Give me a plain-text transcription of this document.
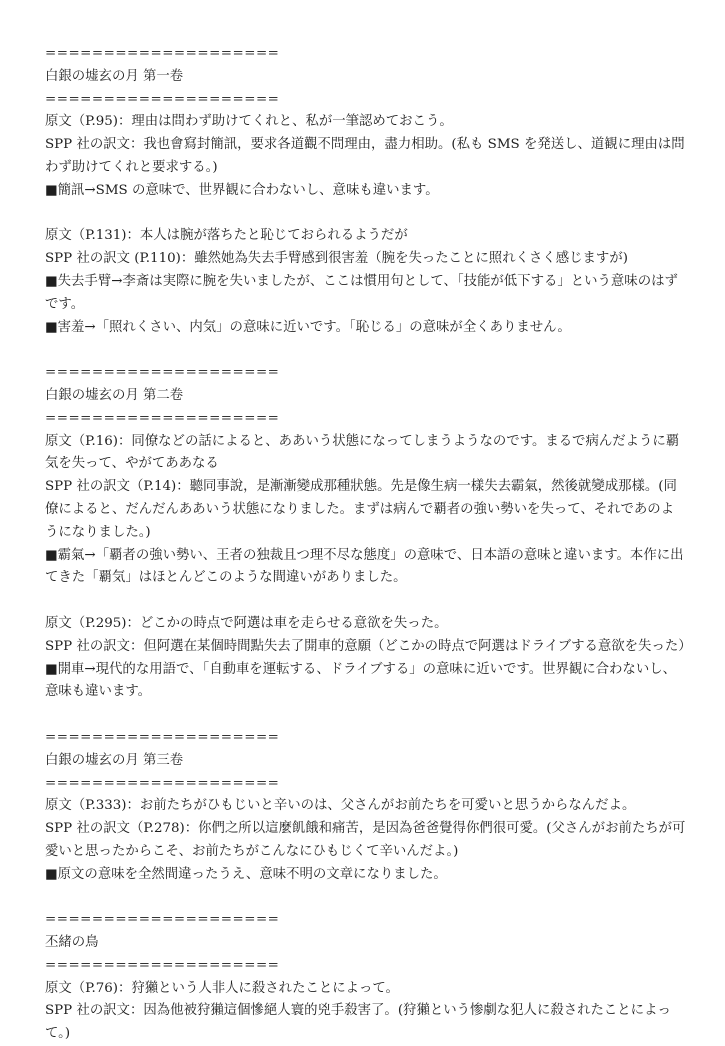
====================

白銀の墟玄の月 第一卷

====================

原文（P.95)：理由は問わず助けてくれと、私が一筆認めておこう。

SPP 社の訳文：我也會寫封簡訊，要求各道觀不問理由，盡力相助。(私も SMS を発送し、道観に理由は問わず助けてくれと要求する。)

■簡訊→SMS の意味で、世界観に合わないし、意味も違います。

原文（P.131)：本人は腕が落ちたと恥じておられるようだが

SPP 社の訳文 (P.110)：雖然她為失去手臂感到很害羞（腕を失ったことに照れくさく感じますが)

■失去手臂→李斎は実際に腕を失いましたが、ここは慣用句として、「技能が低下する」という意味のはずです。

■害羞→「照れくさい、内気」の意味に近いです。「恥じる」の意味が全くありません。

====================

白銀の墟玄の月 第二卷

====================

原文（P.16)：同僚などの話によると、ああいう状態になってしまうようなのです。まるで病んだように覇気を失って、やがてああなる

SPP 社の訳文（P.14)：聽同事說，是漸漸變成那種狀態。先是像生病一樣失去霸氣，然後就變成那樣。(同僚によると、だんだんああいう状態になりました。まずは病んで覇者の強い勢いを失って、それであのようになりました。)

■霸氣→「覇者の強い勢い、王者の独裁且つ理不尽な態度」の意味で、日本語の意味と違います。本作に出てきた「覇気」はほとんどこのような間違いがありました。

原文（P.295)：どこかの時点で阿選は車を走らせる意欲を失った。

SPP 社の訳文：但阿選在某個時間點失去了開車的意願（どこかの時点で阿選はドライブする意欲を失った）

■開車→現代的な用語で、「自動車を運転する、ドライブする」の意味に近いです。世界観に合わないし、意味も違います。

====================

白銀の墟玄の月 第三卷

====================

原文（P.333)：お前たちがひもじいと辛いのは、父さんがお前たちを可愛いと思うからなんだよ。

SPP 社の訳文（P.278)：你們之所以這麼飢餓和痛苦，是因為爸爸覺得你們很可愛。(父さんがお前たちが可愛いと思ったからこそ、お前たちがこんなにひもじくて辛いんだよ。)

■原文の意味を全然間違ったうえ、意味不明の文章になりました。

====================

丕緒の鳥

====================

原文（P.76)：狩獺という人非人に殺されたことによって。

SPP 社の訳文：因為他被狩獺這個慘絕人寰的兇手殺害了。(狩獺という惨劇な犯人に殺されたことによって。)
